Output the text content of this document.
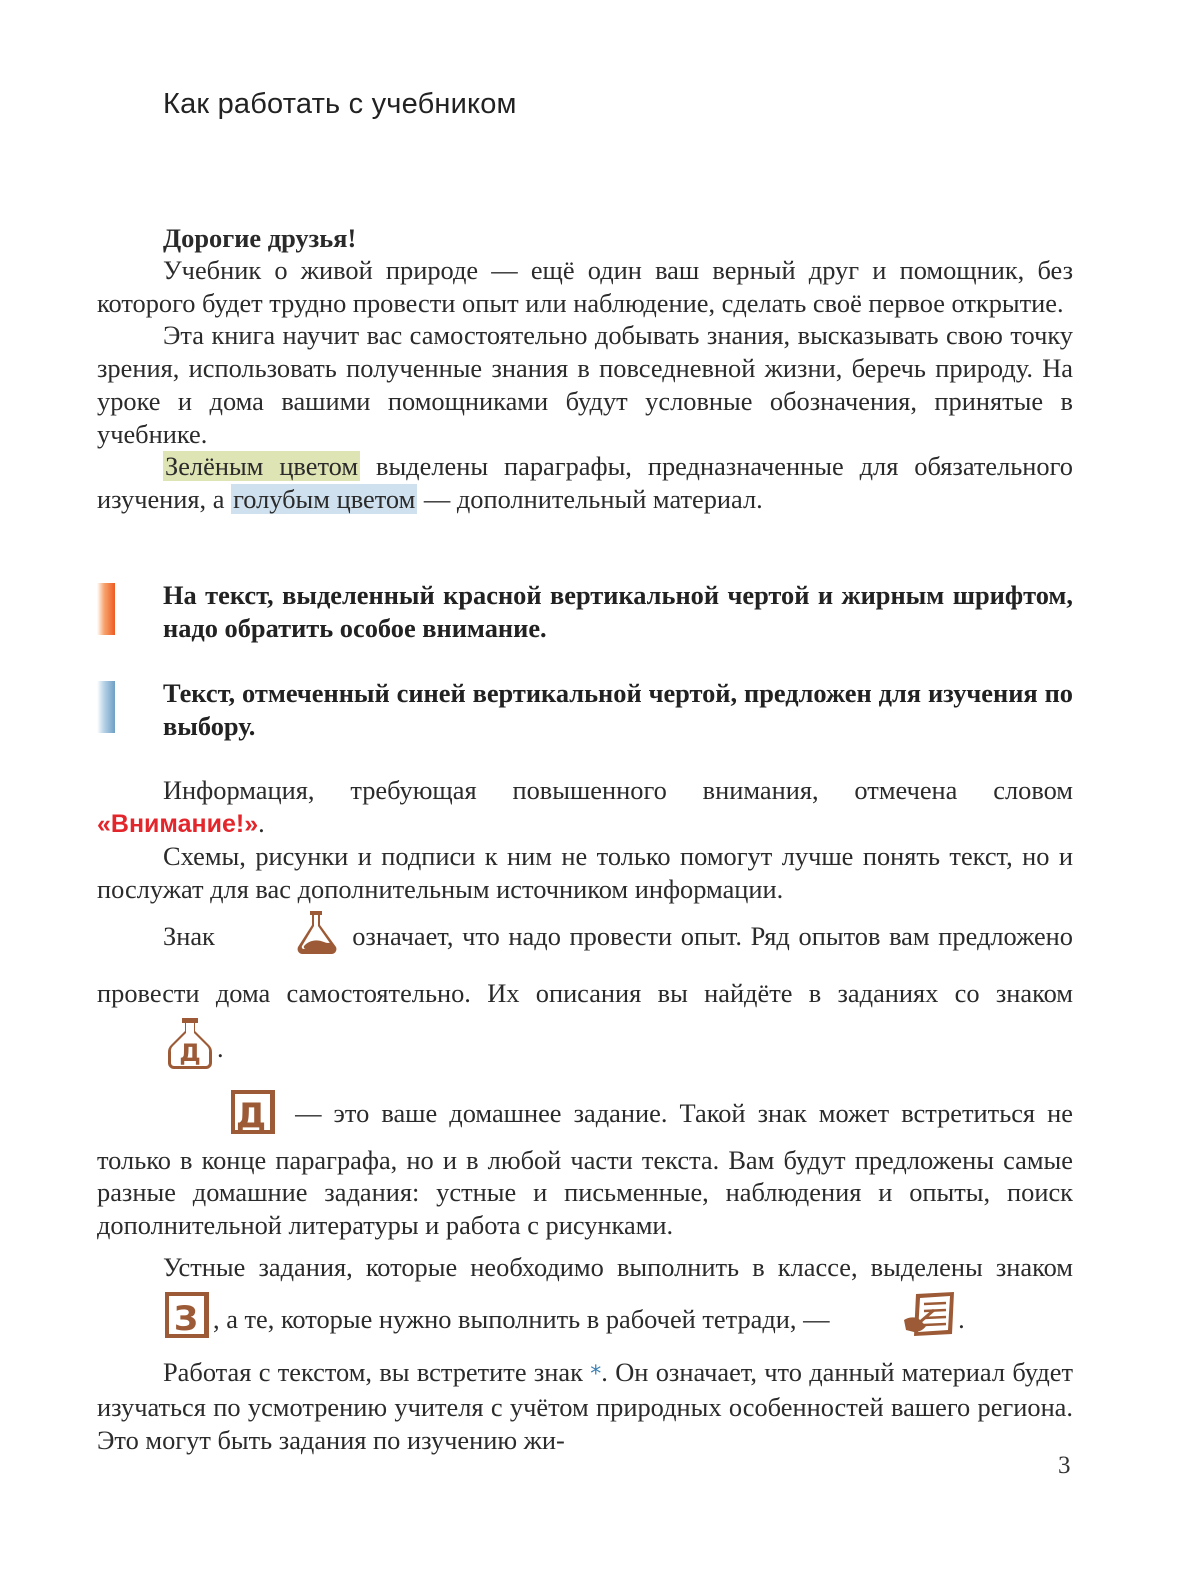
Как работать с учебником
Дорогие друзья!

Учебник о живой природе — ещё один ваш верный друг и помощник, без которого будет трудно провести опыт или наблюдение, сделать своё первое открытие.

Эта книга научит вас самостоятельно добывать знания, высказывать свою точку зрения, использовать полученные знания в повседневной жизни, беречь природу. На уроке и дома вашими помощниками будут условные обозначения, принятые в учебнике.

Зелёным цветом выделены параграфы, предназначенные для обязательного изучения, а голубым цветом — дополнительный материал.

На текст, выделенный красной вертикальной чертой и жирным шрифтом, надо обратить особое внимание.
Текст, отмеченный синей вертикальной чертой, предложен для изучения по выбору.

Информация, требующая повышенного внимания, отмечена словом «Внимание!».

Схемы, рисунки и подписи к ним не только помогут лучше понять текст, но и послужат для вас дополнительным источником информации.

Знак	означает, что надо провести опыт. Ряд опытов вам предложено провести дома самостоятельно. Их описания вы найдёте в заданиях со знаком
Д .

Д — это ваше домашнее задание. Такой знак может встретиться не только в конце параграфа, но и в любой части текста. Вам будут предложены самые разные домашние задания: устные и письменные, наблюдения и опыты, поиск дополнительной литературы и работа с рисунками.

Устные задания, которые необходимо выполнить в классе, выделены знаком
З , а те, которые нужно выполнить в рабочей тетради, —	.

Работая с текстом, вы встретите знак *. Он означает, что данный материал будет изучаться по усмотрению учителя с учётом природных особенностей вашего региона. Это могут быть задания по изучению жи-

3
